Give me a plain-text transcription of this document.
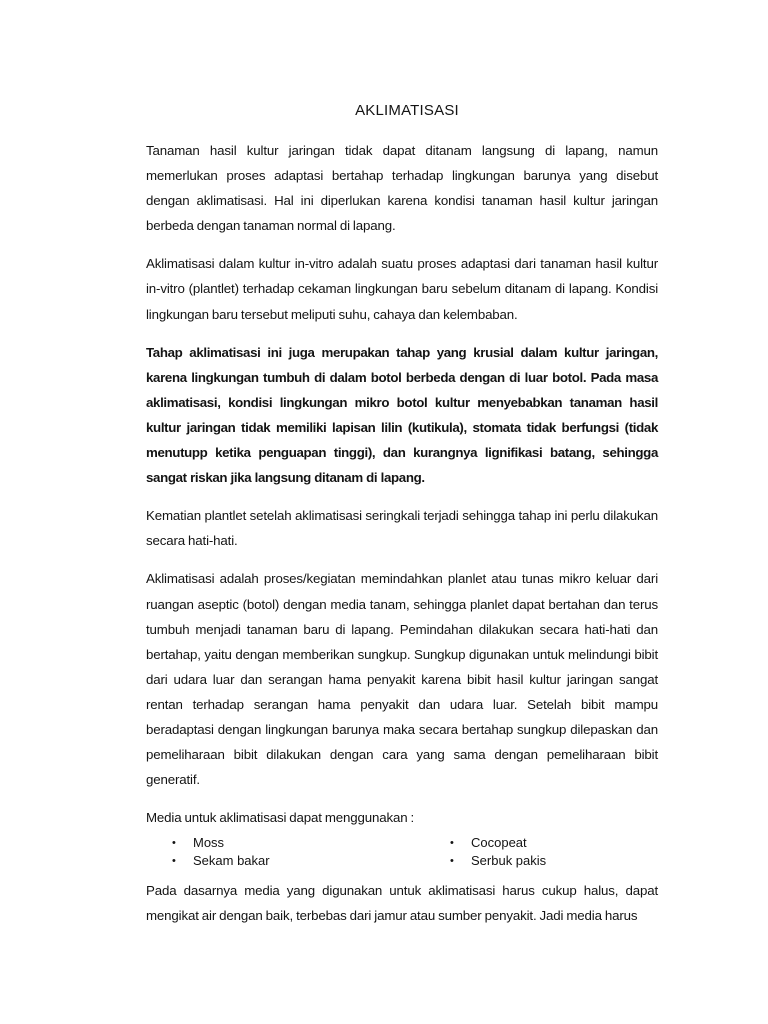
AKLIMATISASI

Tanaman hasil kultur jaringan tidak dapat ditanam langsung di lapang, namun memerlukan proses adaptasi bertahap terhadap lingkungan barunya yang disebut dengan aklimatisasi. Hal ini diperlukan karena kondisi tanaman hasil kultur jaringan berbeda dengan tanaman normal di lapang.

Aklimatisasi dalam kultur in-vitro adalah suatu proses adaptasi dari tanaman hasil kultur in-vitro (plantlet) terhadap cekaman lingkungan baru sebelum ditanam di lapang. Kondisi lingkungan baru tersebut meliputi suhu, cahaya dan kelembaban.

Tahap aklimatisasi ini juga merupakan tahap yang krusial dalam kultur jaringan, karena lingkungan tumbuh di dalam botol berbeda dengan di luar botol. Pada masa aklimatisasi, kondisi lingkungan mikro botol kultur menyebabkan tanaman hasil kultur jaringan tidak memiliki lapisan lilin (kutikula), stomata tidak berfungsi (tidak menutupp ketika penguapan tinggi), dan kurangnya lignifikasi batang, sehingga sangat riskan jika langsung ditanam di lapang.

Kematian plantlet setelah aklimatisasi seringkali terjadi sehingga tahap ini perlu dilakukan secara hati-hati.

Aklimatisasi adalah proses/kegiatan memindahkan planlet atau tunas mikro keluar dari ruangan aseptic (botol) dengan media tanam, sehingga planlet dapat bertahan dan terus tumbuh menjadi tanaman baru di lapang. Pemindahan dilakukan secara hati-hati dan bertahap, yaitu dengan memberikan sungkup. Sungkup digunakan untuk melindungi bibit dari udara luar dan serangan hama penyakit karena bibit hasil kultur jaringan sangat rentan terhadap serangan hama penyakit dan udara luar. Setelah bibit mampu beradaptasi dengan lingkungan barunya maka secara bertahap sungkup dilepaskan dan pemeliharaan bibit dilakukan dengan cara yang sama dengan pemeliharaan bibit generatif.

Media untuk aklimatisasi dapat menggunakan :

•	Moss	•	Cocopeat
•	Sekam bakar	•	Serbuk pakis

Pada dasarnya media yang digunakan untuk aklimatisasi harus cukup halus, dapat mengikat air dengan baik, terbebas dari jamur atau sumber penyakit. Jadi media harus
